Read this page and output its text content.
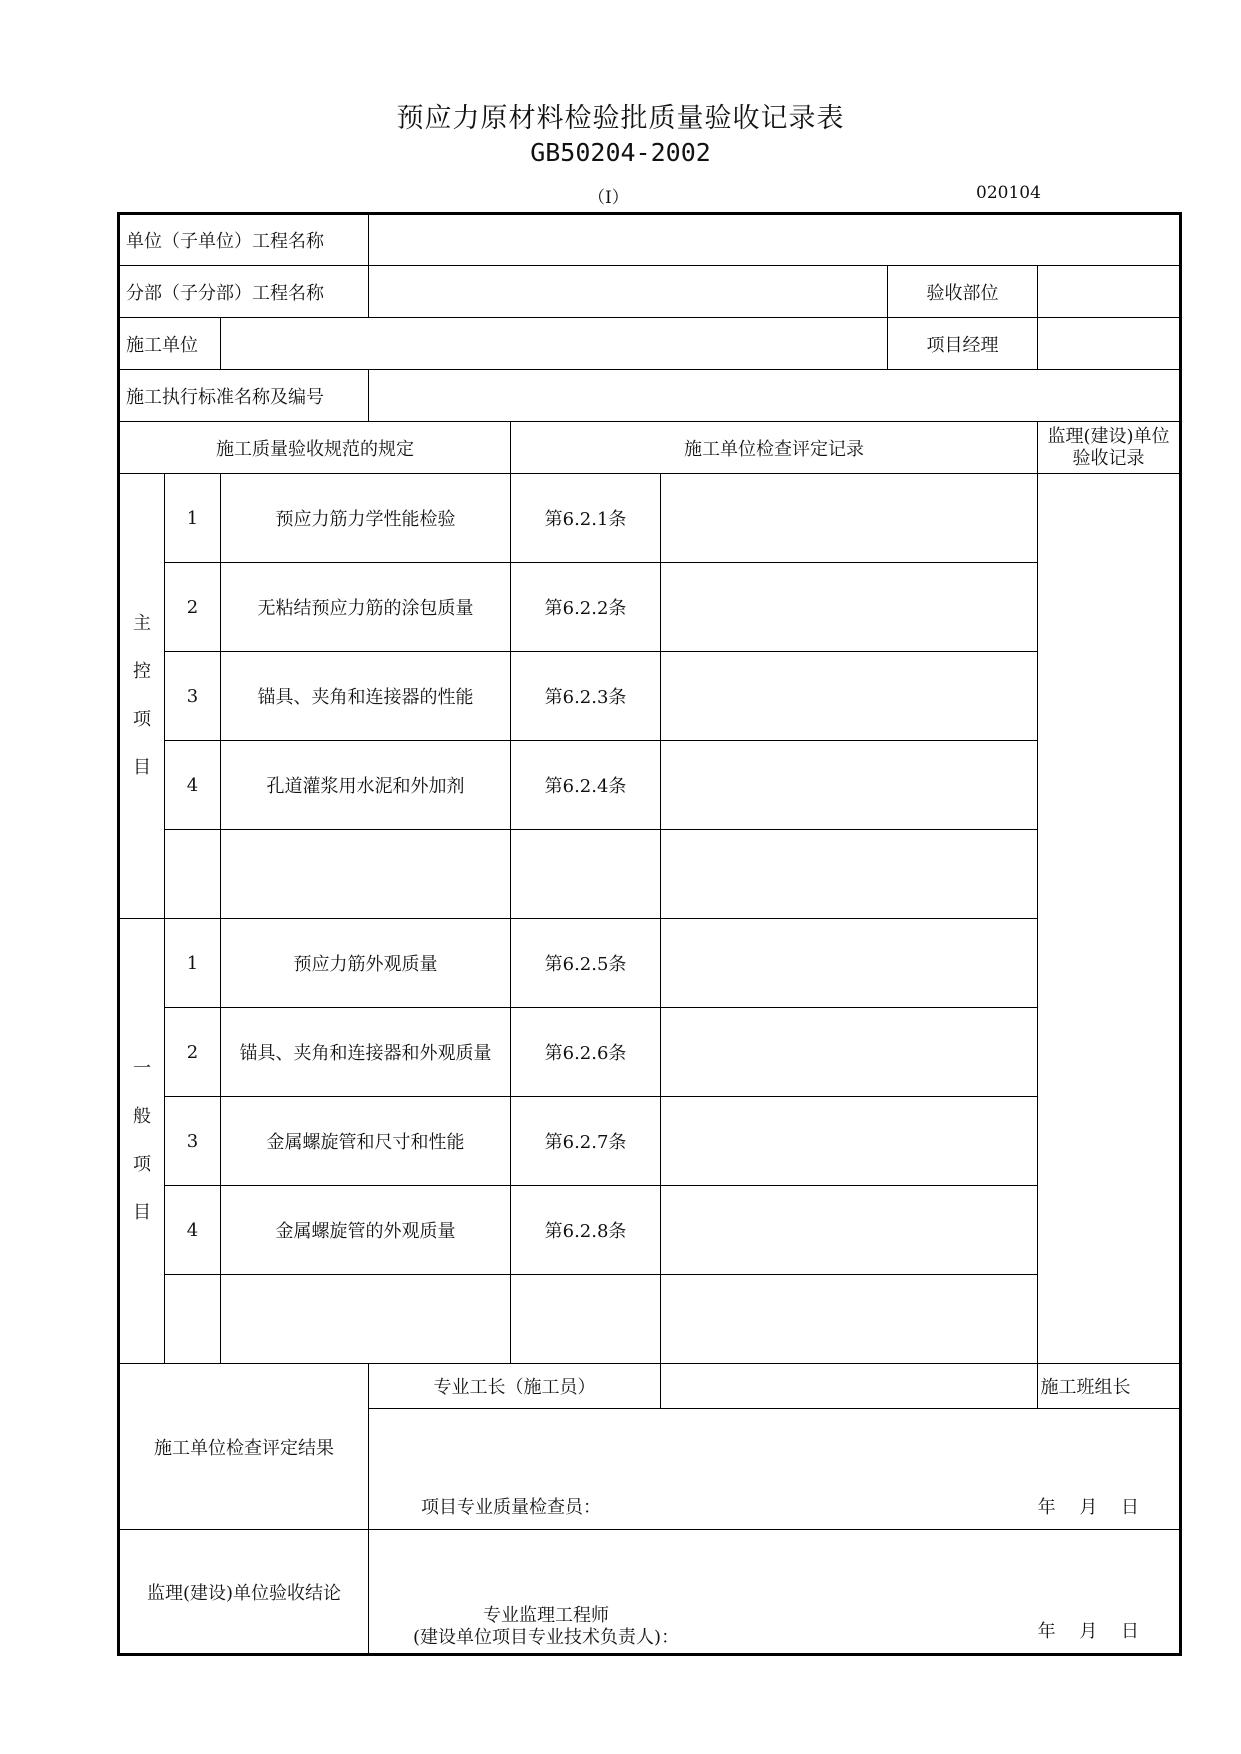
预应力原材料检验批质量验收记录表
GB50204-2002
（Ⅰ）	020104
单位（子单位）工程名称								
分部（子分部）工程名称						验收部位		
施工单位						项目经理		
施工执行标准名称及编号								
施工质量验收规范的规定				施工单位检查评定记录			监理(建设)单位验收记录	

主
控
项
目	1	预应力筋力学性能检验		第6.2.1条				
	2	无粘结预应力筋的涂包质量		第6.2.2条				
	3	锚具、夹角和连接器的性能		第6.2.3条				
	4	孔道灌浆用水泥和外加剂		第6.2.4条				

一
般
项
目	1	预应力筋外观质量		第6.2.5条				
	2	锚具、夹角和连接器和外观质量		第6.2.6条				
	3	金属螺旋管和尺寸和性能		第6.2.7条				
	4	金属螺旋管的外观质量		第6.2.8条				

施工单位检查评定结果			专业工长（施工员）					施工班组长

			项目专业质量检查员： 年 月 日					

监理(建设)单位验收结论			专业监理工程师
(建设单位项目专业技术负责人)： 年 月 日					
